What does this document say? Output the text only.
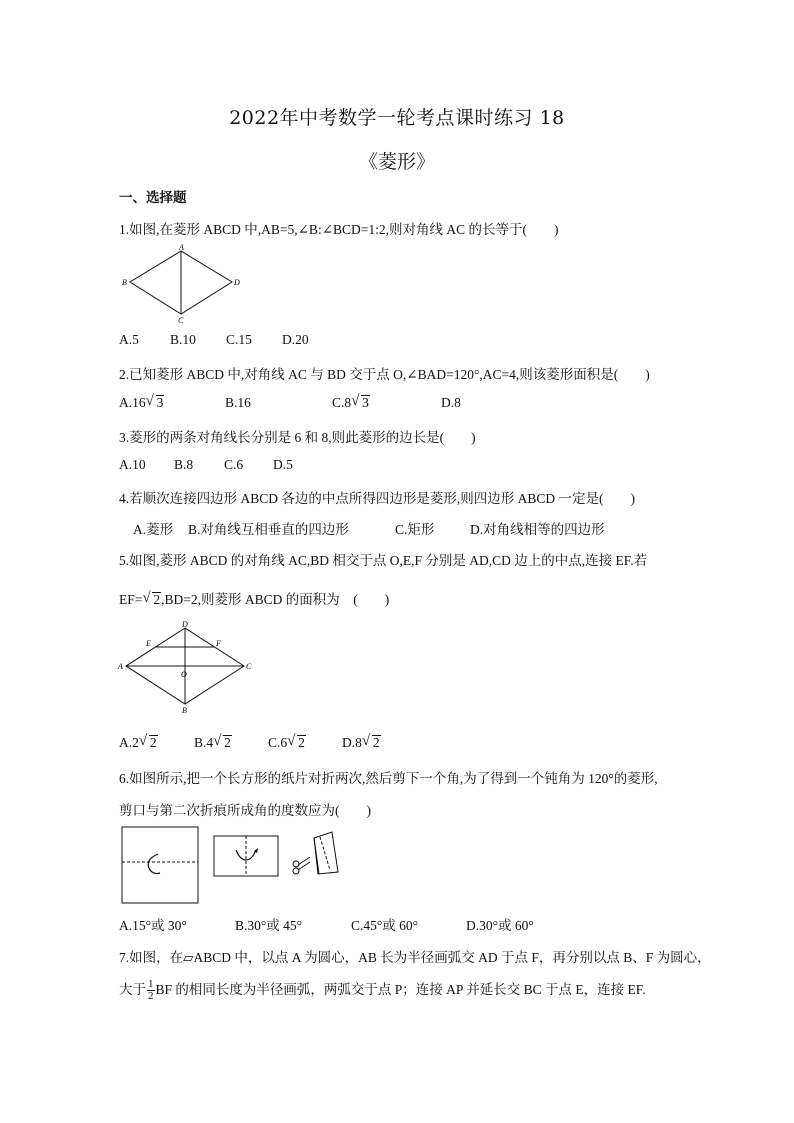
2022年中考数学一轮考点课时练习 18
《菱形》
一、选择题
1.如图,在菱形 ABCD 中,AB=5,∠B:∠BCD=1:2,则对角线 AC 的长等于(　　)
A
B
C
D
A.5 B.10 C.15 D.20
2.已知菱形 ABCD 中,对角线 AC 与 BD 交于点 O,∠BAD=120°,AC=4,则该菱形面积是(　　)
A.16 √ 3	B.16	C.8 √ 3	D.8
3.菱形的两条对角线长分别是 6 和 8,则此菱形的边长是(　　)
A.10 B.8 C.6 D.5
4.若顺次连接四边形 ABCD 各边的中点所得四边形是菱形,则四边形 ABCD 一定是(　　)
A.菱形 B.对角线互相垂直的四边形	C.矩形	D.对角线相等的四边形
5.如图,菱形 ABCD 的对角线 AC,BD 相交于点 O,E,F 分别是 AD,CD 边上的中点,连接 EF.若
EF= √ 2,BD=2,则菱形 ABCD 的面积为　(　　)
D
A	C
B
E	F
O
A.2 √ 2	B.4 √ 2	C.6 √ 2	D.8 √ 2
6.如图所示,把一个长方形的纸片对折两次,然后剪下一个角,为了得到一个钝角为 120°的菱形,
剪口与第二次折痕所成角的度数应为(　　)
A.15°或 30°	B.30°或 45°	C.45°或 60°	D.30°或 60°
7.如图，在▱ABCD 中，以点 A 为圆心，AB 长为半径画弧交 AD 于点 F，再分别以点 B、F 为圆心，
大于 $\frac{1}{2}$ BF 的相同长度为半径画弧，两弧交于点 P；连接 AP 并延长交 BC 于点 E，连接 EF.
